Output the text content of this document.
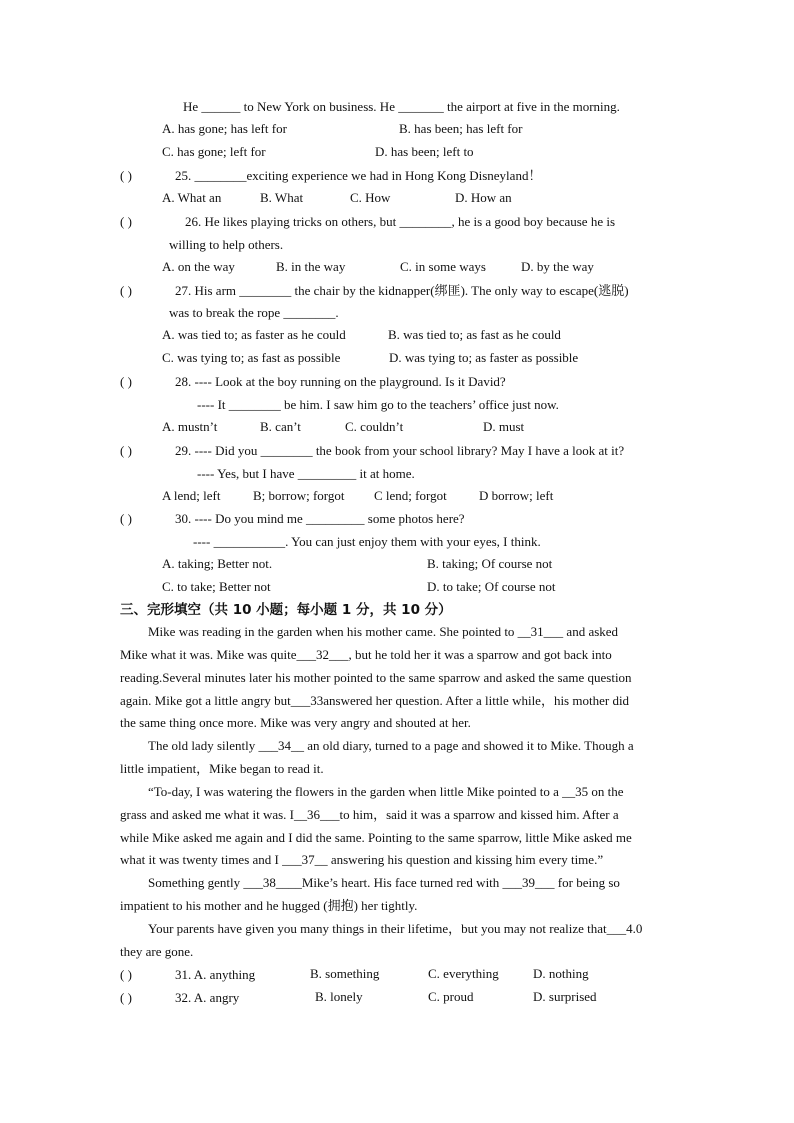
He ______ to New York on business. He _______ the airport at five in the morning.
A. has gone; has left for	B. has been; has left for
C. has gone; left for	D. has been; left to
( )	25. ________exciting experience we had in Hong Kong Disneyland！
A. What an	B. What	C. How	D. How an
( )	26. He likes playing tricks on others, but ________, he is a good boy because he is
willing to help others.
A. on the way	B. in the way	C. in some ways	D. by the way
( )	27. His arm ________ the chair by the kidnapper(绑匪). The only way to escape(逃脱)
was to break the rope ________.
A. was tied to; as faster as he could	B. was tied to; as fast as he could
C. was tying to; as fast as possible	D. was tying to; as faster as possible
( )	28. ---- Look at the boy running on the playground. Is it David?
---- It ________ be him. I saw him go to the teachers’ office just now.
A. mustn’t	B. can’t	C. couldn’t	D. must
( )	29. ---- Did you ________ the book from your school library? May I have a look at it?
---- Yes, but I have _________ it at home.
A lend; left	B; borrow; forgot C lend; forgot D borrow; left
( )	30. ---- Do you mind me _________ some photos here?
---- ___________. You can just enjoy them with your eyes, I think.
A. taking; Better not.	B. taking; Of course not
C. to take; Better not	D. to take; Of course not
三、完形填空（共 10 小题；每小题 1 分，共 10 分）
Mike was reading in the garden when his mother came. She pointed to __31___ and asked
Mike what it was. Mike was quite___32___, but he told her it was a sparrow and got back into
reading.Several minutes later his mother pointed to the same sparrow and asked the same question
again. Mike got a little angry but___33answered her question. After a little while，his mother did
the same thing once more. Mike was very angry and shouted at her.
The old lady silently ___34__ an old diary, turned to a page and showed it to Mike. Though a
little impatient，Mike began to read it.
“To-day, I was watering the flowers in the garden when little Mike pointed to a __35 on the
grass and asked me what it was. I__36___to him，said it was a sparrow and kissed him. After a
while Mike asked me again and I did the same. Pointing to the same sparrow, little Mike asked me
what it was twenty times and I ___37__ answering his question and kissing him every time.”
Something gently ___38____Mike’s heart. His face turned red with ___39___ for being so
impatient to his mother and he hugged (拥抱) her tightly.
Your parents have given you many things in their lifetime，but you may not realize that___4.0
they are gone.
( )	31. A. anything	B. something	C. everything	D. nothing
( )	32. A. angry	B. lonely	C. proud	D. surprised
